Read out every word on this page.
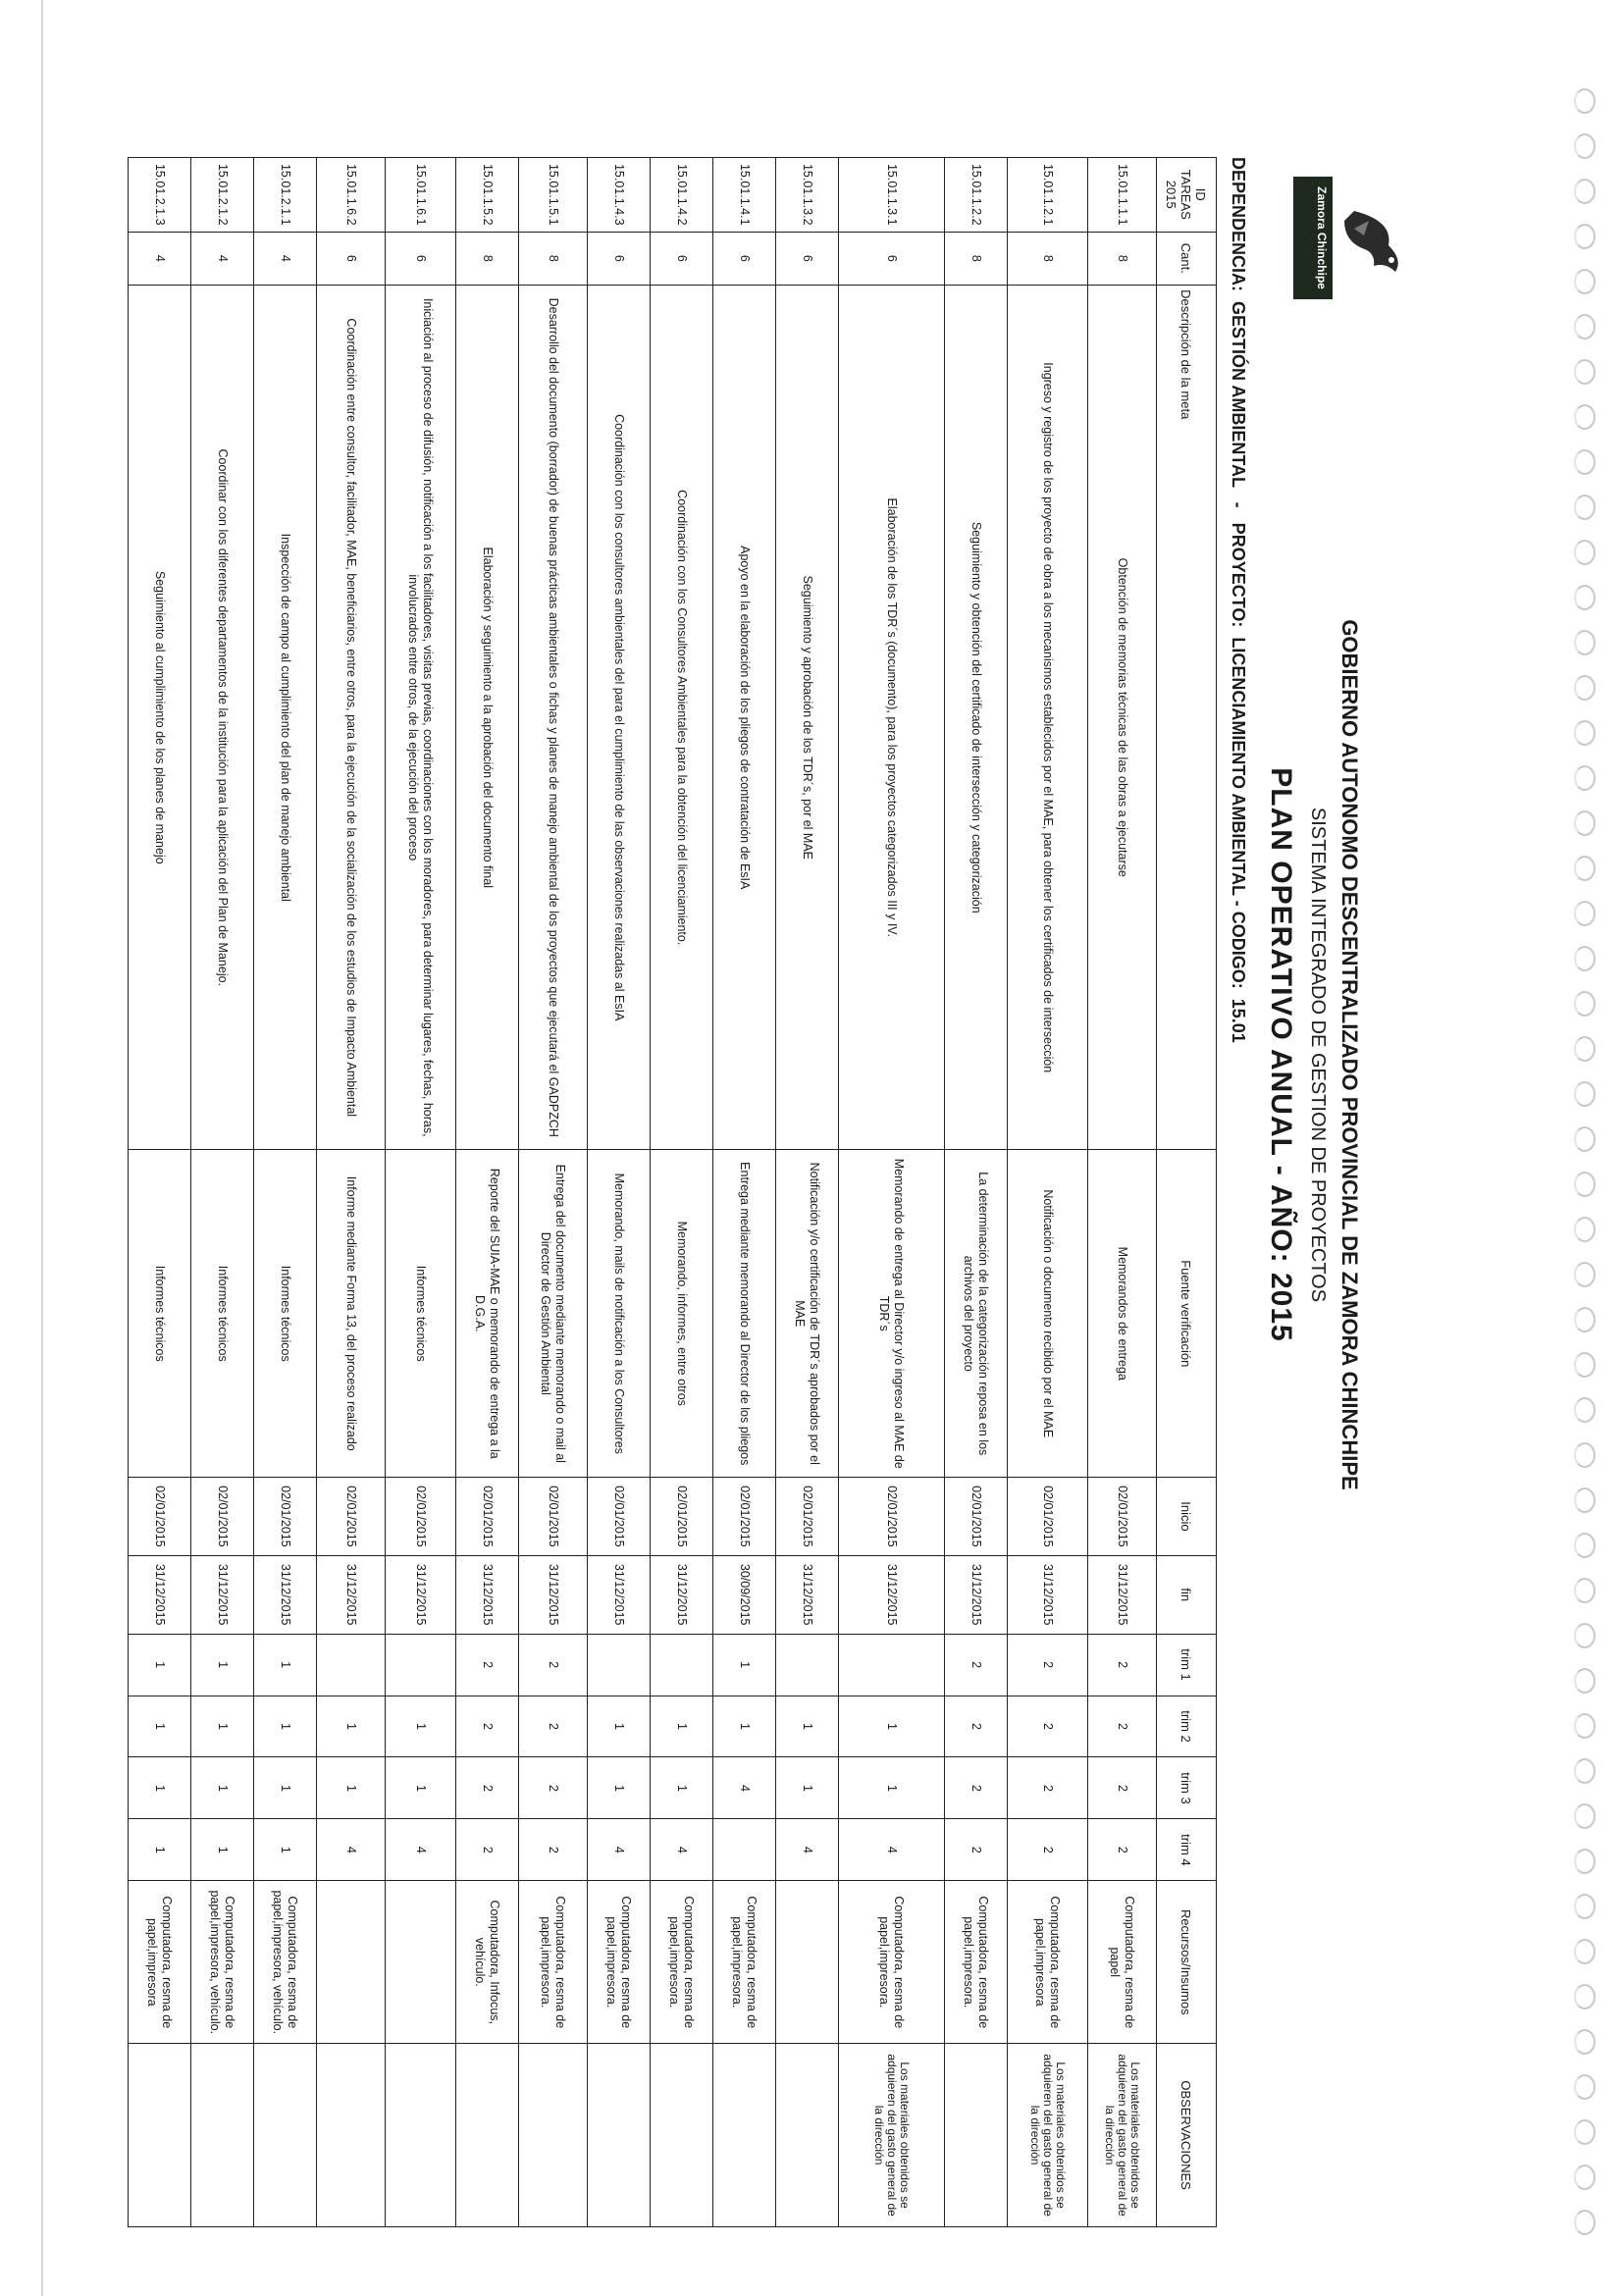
Zamora Chinchipe
GOBIERNO AUTONOMO DESCENTRALIZADO PROVINCIAL DE ZAMORA CHINCHIPE
SISTEMA INTEGRADO DE GESTION DE PROYECTOS
PLAN OPERATIVO ANUAL - AÑO: 2015
DEPENDENCIA:  GESTIÓN AMBIENTAL   -   PROYECTO:  LICENCIAMIENTO AMBIENTAL - CODIGO:  15.01
ID TAREAS 2015	Cant.	Descripción de la meta	Fuente verificación	Inicio	fin	trim 1	trim 2	trim 3	trim 4	Recursos/Insumos	OBSERVACIONES
15.01.1.1.1	8	Obtención de memorias técnicas de las obras a ejecutarse	Memorandos de entrega	02/01/2015	31/12/2015	2	2	2	2	Computadora, resma de papel	Los materiales obtenidos se adquieren del gasto general de la dirección
15.01.1.2.1	8	Ingreso y registro de los proyecto de obra a los mecanismos establecidos por el MAE, para obtener los certificados de intersección	Notificación o documento recibido por el MAE	02/01/2015	31/12/2015	2	2	2	2	Computadora, resma de papel,impresora	Los materiales obtenidos se adquieren del gasto general de la dirección
15.01.1.2.2	8	Seguimiento y obtención del certificado de intersección y categorización	La determinación de la categorización reposa en los archivos del proyecto	02/01/2015	31/12/2015	2	2	2	2	Computadora, resma de papel,impresora.	
15.01.1.3.1	6	Elaboración de los TDR´s (documento), para los proyectos categorizados III y IV.	Memorando de entrega al Director y/o ingreso al MAE de TDR´s	02/01/2015	31/12/2015		1	1	4	Computadora, resma de papel,impresora.	Los materiales obtenidos se adquieren del gasto general de la dirección
15.01.1.3.2	6	Seguimiento y aprobación de los TDR´s, por el MAE	Notificación y/o certificación de TDR´s aprobados por el MAE	02/01/2015	31/12/2015		1	1	4		
15.01.1.4.1	6	Apoyo en la elaboración de los pliegos de contratación de EsIA	Entrega mediante memorando al Director de los pliegos	02/01/2015	30/09/2015	1	1	4		Computadora, resma de papel,impresora.	
15.01.1.4.2	6	Coordinación con los Consultores Ambientales para la obtención del licenciamiento.	Memorando, informes, entre otros	02/01/2015	31/12/2015		1	1	4	Computadora, resma de papel,impresora.	
15.01.1.4.3	6	Coordinación con los consultores ambientales del para el cumplimiento de las observaciones realizadas al EsIA	Memorando, mails de notificación a los Consultores	02/01/2015	31/12/2015		1	1	4	Computadora, resma de papel,impresora.	
15.01.1.5.1	8	Desarrollo del documento (borrador) de buenas prácticas ambientales o fichas y planes de manejo ambiental de los proyectos que ejecutará el GADPZCH	Entrega del documento mediante memorando o mail al Director de Gestión Ambiental	02/01/2015	31/12/2015	2	2	2	2	Computadora, resma de papel,impresora.	
15.01.1.5.2	8	Elaboración y seguimiento a la aprobación del documento final	Reporte del SUIA-MAE o memorando de entrega a la D.G.A.	02/01/2015	31/12/2015	2	2	2	2	Computadora, Infocus, vehículo.	
15.01.1.6.1	6	Iniciación al proceso de difusión, notificación a los facilitadores, visitas previas, coordinaciones con los moradores, para determinar lugares, fechas, horas, involucrados entre otros, de la ejecución del proceso	Informes técnicos	02/01/2015	31/12/2015		1	1	4		
15.01.1.6.2	6	Coordinación entre consultor, facilitador, MAE, beneficiarios, entre otros, para la ejecución de la socialización de los estudios de Impacto Ambiental	Informe mediante Forma 13, del proceso realizado	02/01/2015	31/12/2015		1	1	4		
15.01.2.1.1	4	Inspección de campo al cumplimiento del plan de manejo ambiental	Informes técnicos	02/01/2015	31/12/2015	1	1	1	1	Computadora, resma de papel,impresora, vehículo.	
15.01.2.1.2	4	Coordinar con los diferentes departamentos de la institución para la aplicación del Plan de Manejo.	Informes técnicos	02/01/2015	31/12/2015	1	1	1	1	Computadora, resma de papel,impresora, vehículo.	
15.01.2.1.3	4	Seguimiento al cumplimiento de los planes de manejo	Informes técnicos	02/01/2015	31/12/2015	1	1	1	1	Computadora, resma de papel,impresora	
